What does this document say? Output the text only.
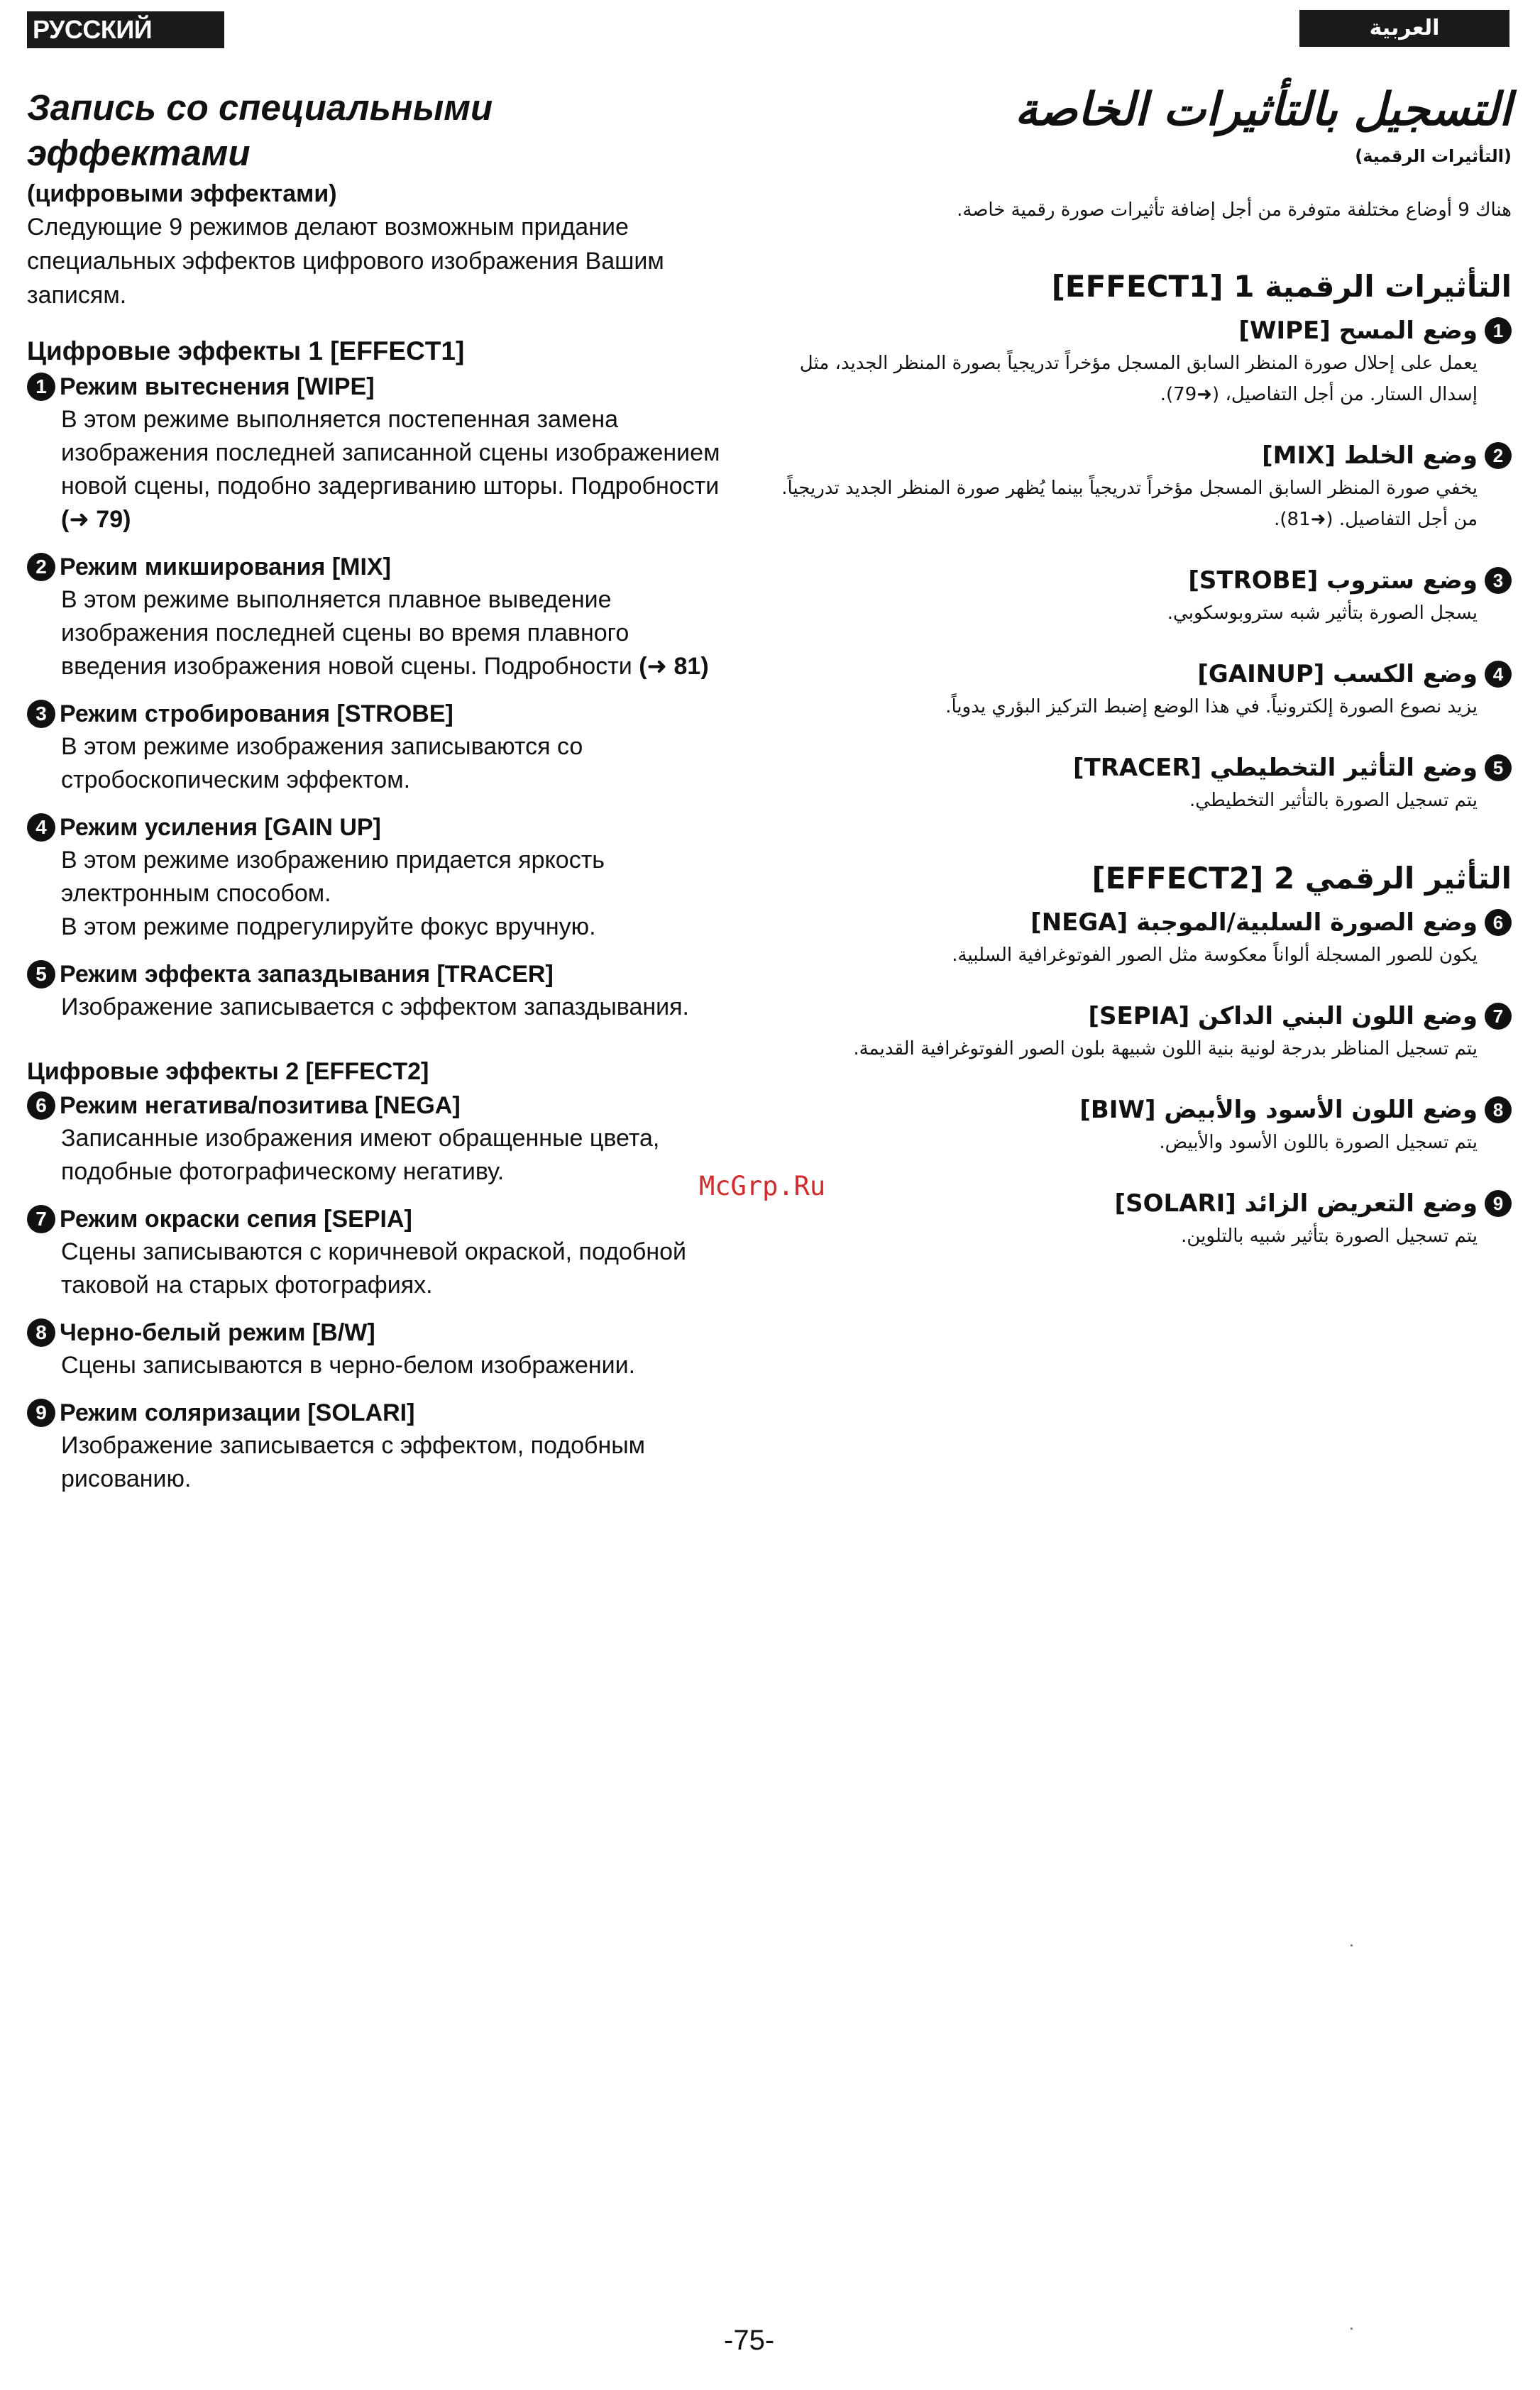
РУССКИЙ ЯЗЫК
العربية
Запись со специальными
эффектами
(цифровыми эффектами)
Следующие 9 режимов делают возможным придание специальных эффектов цифрового изображения Вашим записям.
Цифровые эффекты 1 [EFFECT1]
1 Режим вытеснения [WIPE]
В этом режиме выполняется постепенная замена изображения последней записанной сцены изображением новой сцены, подобно задергиванию шторы. Подробности (➜ 79)
2 Режим микширования [MIX]
В этом режиме выполняется плавное выведение изображения последней сцены во время плавного введения изображения новой сцены. Подробности (➜ 81)
3 Режим стробирования [STROBE]
В этом режиме изображения записываются со стробоскопическим эффектом.
4 Режим усиления [GAIN UP]
В этом режиме изображению придается яркость электронным способом.
В этом режиме подрегулируйте фокус вручную.
5 Режим эффекта запаздывания [TRACER]
Изображение записывается с эффектом запаздывания.
Цифровые эффекты 2 [EFFECT2]
6 Режим негатива/позитива [NEGA]
Записанные изображения имеют обращенные цвета, подобные фотографическому негативу.
7 Режим окраски сепия [SEPIA]
Сцены записываются с коричневой окраской, подобной таковой на старых фотографиях.
8 Черно-белый режим [B/W]
Сцены записываются в черно-белом изображении.
9 Режим соляризации [SOLARI]
Изображение записывается с эффектом, подобным рисованию.
التسجيل بالتأثيرات الخاصة
(التأثيرات الرقمية)
هناك 9 أوضاع مختلفة متوفرة من أجل إضافة تأثيرات صورة رقمية خاصة.
التأثيرات الرقمية 1 [EFFECT1]
1
وضع المسح [WIPE]
يعمل على إحلال صورة المنظر السابق المسجل مؤخراً تدريجياً بصورة المنظر الجديد، مثل إسدال الستار. من أجل التفاصيل، (➜79).
2
وضع الخلط [MIX]
يخفي صورة المنظر السابق المسجل مؤخراً تدريجياً بينما يُظهر صورة المنظر الجديد تدريجياً. من أجل التفاصيل. (➜81).
3
وضع ستروب [STROBE]
يسجل الصورة بتأثير شبه ستروبوسكوبي.
4
وضع الكسب [GAINUP]
يزيد نصوع الصورة إلكترونياً. في هذا الوضع إضبط التركيز البؤري يدوياً.
5
وضع التأثير التخطيطي [TRACER]
يتم تسجيل الصورة بالتأثير التخطيطي.
التأثير الرقمي 2 [EFFECT2]
6
وضع الصورة السلبية/الموجبة [NEGA]
يكون للصور المسجلة ألواناً معكوسة مثل الصور الفوتوغرافية السلبية.
7
وضع اللون البني الداكن [SEPIA]
يتم تسجيل المناظر بدرجة لونية بنية اللون شبيهة بلون الصور الفوتوغرافية القديمة.
8
وضع اللون الأسود والأبيض [BIW]
يتم تسجيل الصورة باللون الأسود والأبيض.
9
وضع التعريض الزائد [SOLARI]
يتم تسجيل الصورة بتأثير شبيه بالتلوين.
McGrp.Ru
-75-
